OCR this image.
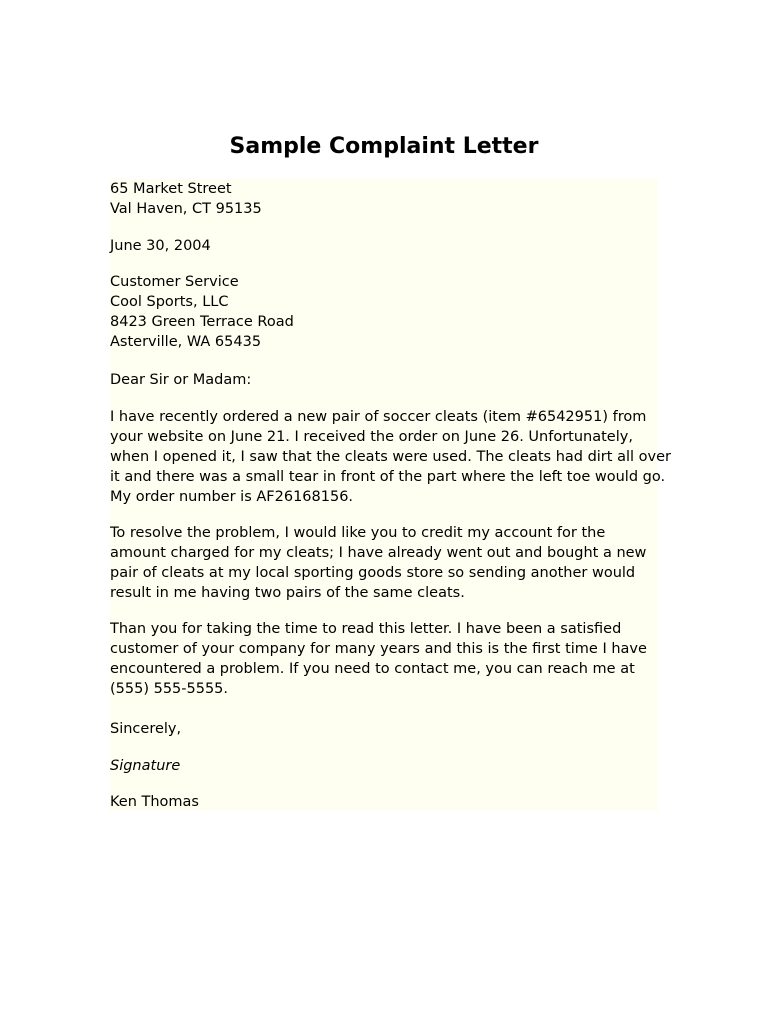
Sample Complaint Letter
65 Market Street
Val Haven, CT 95135
June 30, 2004
Customer Service
Cool Sports, LLC
8423 Green Terrace Road
Asterville, WA 65435
Dear Sir or Madam:
I have recently ordered a new pair of soccer cleats (item #6542951) from
your website on June 21. I received the order on June 26. Unfortunately,
when I opened it, I saw that the cleats were used. The cleats had dirt all over
it and there was a small tear in front of the part where the left toe would go.
My order number is AF26168156.
To resolve the problem, I would like you to credit my account for the
amount charged for my cleats; I have already went out and bought a new
pair of cleats at my local sporting goods store so sending another would
result in me having two pairs of the same cleats.
Than you for taking the time to read this letter. I have been a satisfied
customer of your company for many years and this is the first time I have
encountered a problem. If you need to contact me, you can reach me at
(555) 555-5555.
Sincerely,
Signature
Ken Thomas
